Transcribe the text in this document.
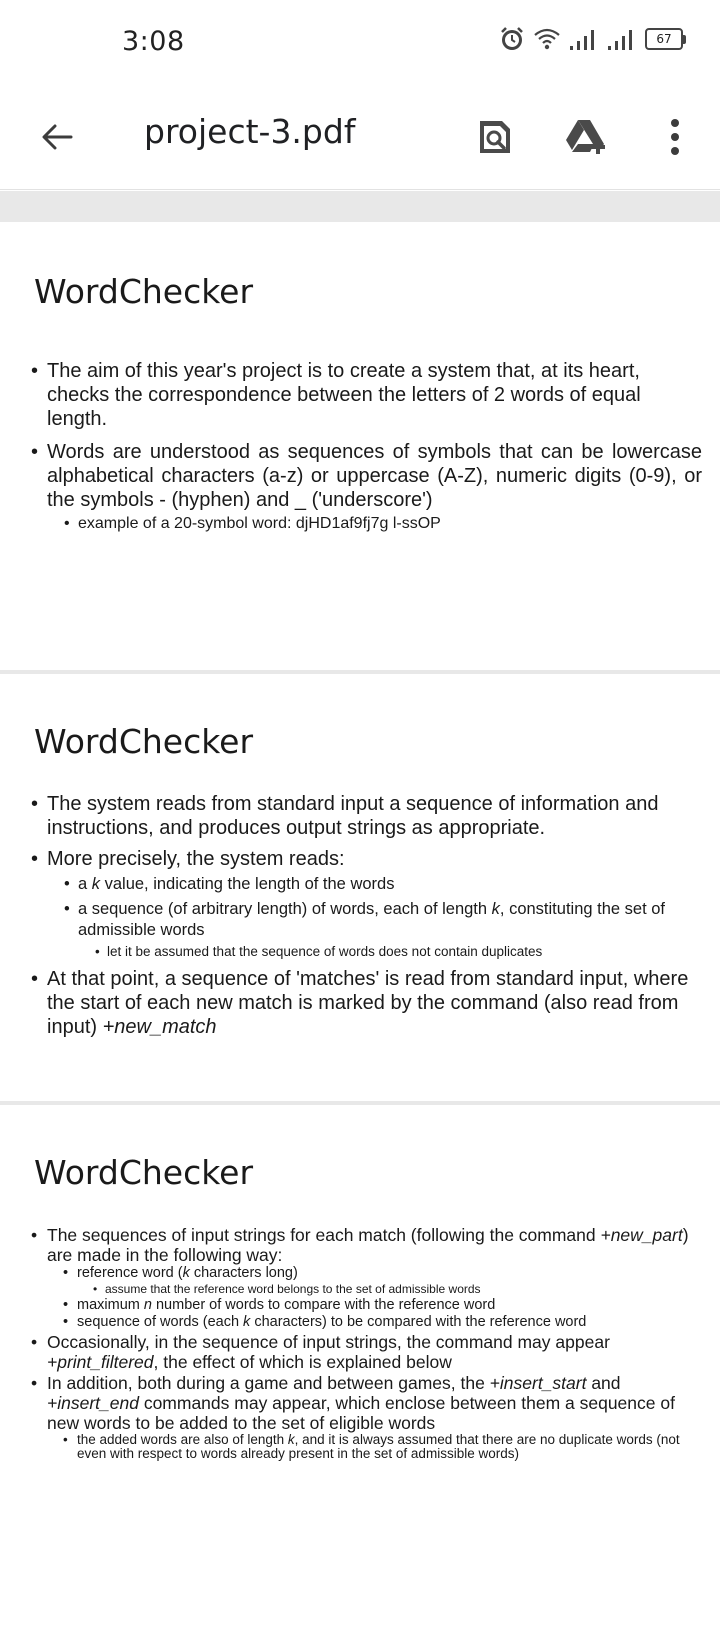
3:08	67
project-3.pdf
WordChecker
• The aim of this year's project is to create a system that, at its heart, checks the correspondence between the letters of 2 words of equal length.
• Words are understood as sequences of symbols that can be lowercase alphabetical characters (a-z) or uppercase (A-Z), numeric digits (0-9), or the symbols - (hyphen) and _ ('underscore')
• example of a 20-symbol word: djHD1af9fj7g l-ssOP
WordChecker
• The system reads from standard input a sequence of information and instructions, and produces output strings as appropriate.
• More precisely, the system reads:
• a k value, indicating the length of the words
• a sequence (of arbitrary length) of words, each of length k, constituting the set of admissible words
• let it be assumed that the sequence of words does not contain duplicates
• At that point, a sequence of 'matches' is read from standard input, where the start of each new match is marked by the command (also read from input) +new_match
WordChecker
• The sequences of input strings for each match (following the command +new_part) are made in the following way:
• reference word (k characters long)
• assume that the reference word belongs to the set of admissible words
• maximum n number of words to compare with the reference word
• sequence of words (each k characters) to be compared with the reference word
• Occasionally, in the sequence of input strings, the command may appear +print_filtered, the effect of which is explained below
• In addition, both during a game and between games, the +insert_start and +insert_end commands may appear, which enclose between them a sequence of new words to be added to the set of eligible words
• the added words are also of length k, and it is always assumed that there are no duplicate words (not even with respect to words already present in the set of admissible words)
